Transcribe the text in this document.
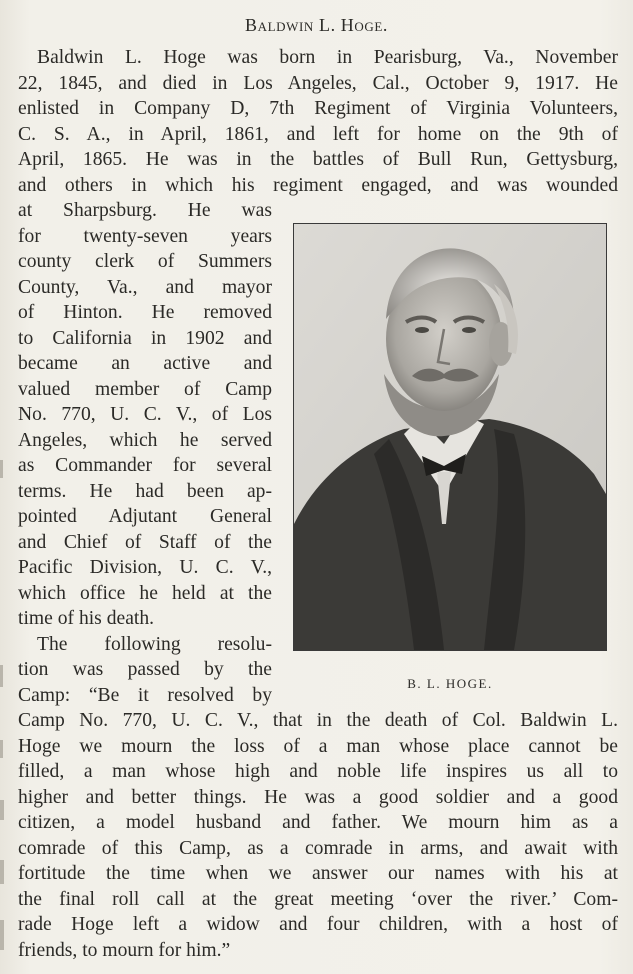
Baldwin L. Hoge.
Baldwin L. Hoge was born in Pearisburg, Va., November
22, 1845, and died in Los Angeles, Cal., October 9, 1917. He
enlisted in Company D, 7th Regiment of Virginia Volunteers,
C. S. A., in April, 1861, and left for home on the 9th of
April, 1865. He was in the battles of Bull Run, Gettysburg,
and others in which his regiment engaged, and was wounded
at Sharpsburg. He was
for twenty-seven years
county clerk of Summers
County, Va., and mayor
of Hinton. He removed
to California in 1902 and
became an active and
valued member of Camp
No. 770, U. C. V., of Los
Angeles, which he served
as Commander for several
terms. He had been ap-
pointed Adjutant General
and Chief of Staff of the
Pacific Division, U. C. V.,
which office he held at the
time of his death.
The following resolu-
tion was passed by the
Camp: “Be it resolved by
Camp No. 770, U. C. V., that in the death of Col. Baldwin L.
Hoge we mourn the loss of a man whose place cannot be
filled, a man whose high and noble life inspires us all to
higher and better things. He was a good soldier and a good
citizen, a model husband and father. We mourn him as a
comrade of this Camp, as a comrade in arms, and await with
fortitude the time when we answer our names with his at
the final roll call at the great meeting ‘over the river.’ Com-
rade Hoge left a widow and four children, with a host of
friends, to mourn for him.”
B. L. HOGE.
